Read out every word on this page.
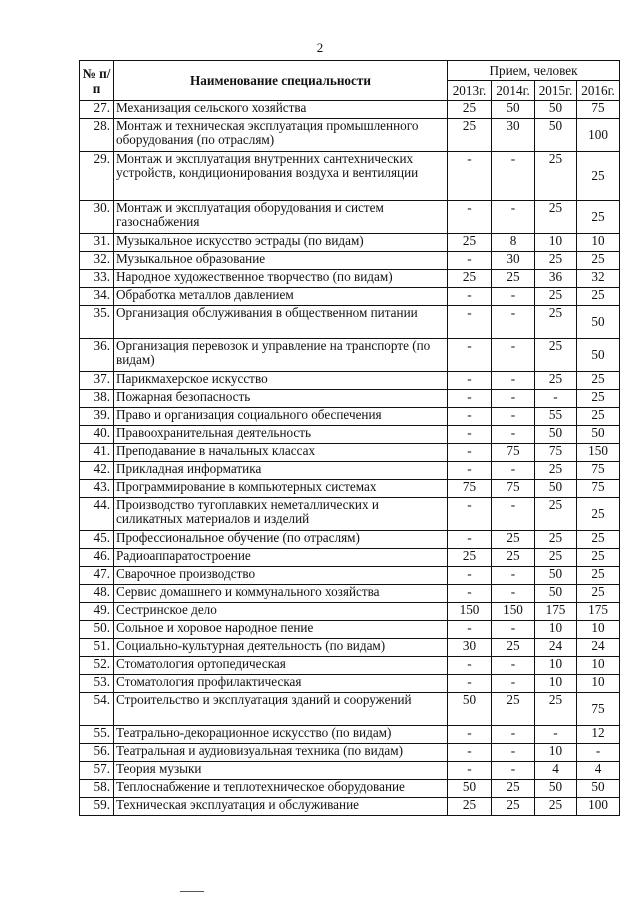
2
№ п/п	Наименование специальности	Прием, человек			
		2013г.	2014г.	2015г.	2016г.
27.	Механизация сельского хозяйства	25	50	50	75
28.	Монтаж и техническая эксплуатация промышленного оборудования (по отраслям)	25	30	50	100
29.	Монтаж и эксплуатация внутренних сантехнических устройств, кондиционирования воздуха и вентиляции	-	-	25	25
30.	Монтаж и эксплуатация оборудования и систем газоснабжения	-	-	25	25
31.	Музыкальное искусство эстрады (по видам)	25	8	10	10
32.	Музыкальное образование	-	30	25	25
33.	Народное художественное творчество (по видам)	25	25	36	32
34.	Обработка металлов давлением	-	-	25	25
35.	Организация обслуживания в общественном питании	-	-	25	50
36.	Организация перевозок и управление на транспорте (по видам)	-	-	25	50
37.	Парикмахерское искусство	-	-	25	25
38.	Пожарная безопасность	-	-	-	25
39.	Право и организация социального обеспечения	-	-	55	25
40.	Правоохранительная деятельность	-	-	50	50
41.	Преподавание в начальных классах	-	75	75	150
42.	Прикладная информатика	-	-	25	75
43.	Программирование в компьютерных системах	75	75	50	75
44.	Производство тугоплавких неметаллических и силикатных материалов и изделий	-	-	25	25
45.	Профессиональное обучение (по отраслям)	-	25	25	25
46.	Радиоаппаратостроение	25	25	25	25
47.	Сварочное производство	-	-	50	25
48.	Сервис домашнего и коммунального хозяйства	-	-	50	25
49.	Сестринское дело	150	150	175	175
50.	Сольное и хоровое народное пение	-	-	10	10
51.	Социально-культурная деятельность (по видам)	30	25	24	24
52.	Стоматология ортопедическая	-	-	10	10
53.	Стоматология профилактическая	-	-	10	10
54.	Строительство и эксплуатация зданий и сооружений	50	25	25	75
55.	Театрально-декорационное искусство (по видам)	-	-	-	12
56.	Театральная и аудиовизуальная техника (по видам)	-	-	10	-
57.	Теория музыки	-	-	4	4
58.	Теплоснабжение и теплотехническое оборудование	50	25	50	50
59.	Техническая эксплуатация и обслуживание	25	25	25	100
